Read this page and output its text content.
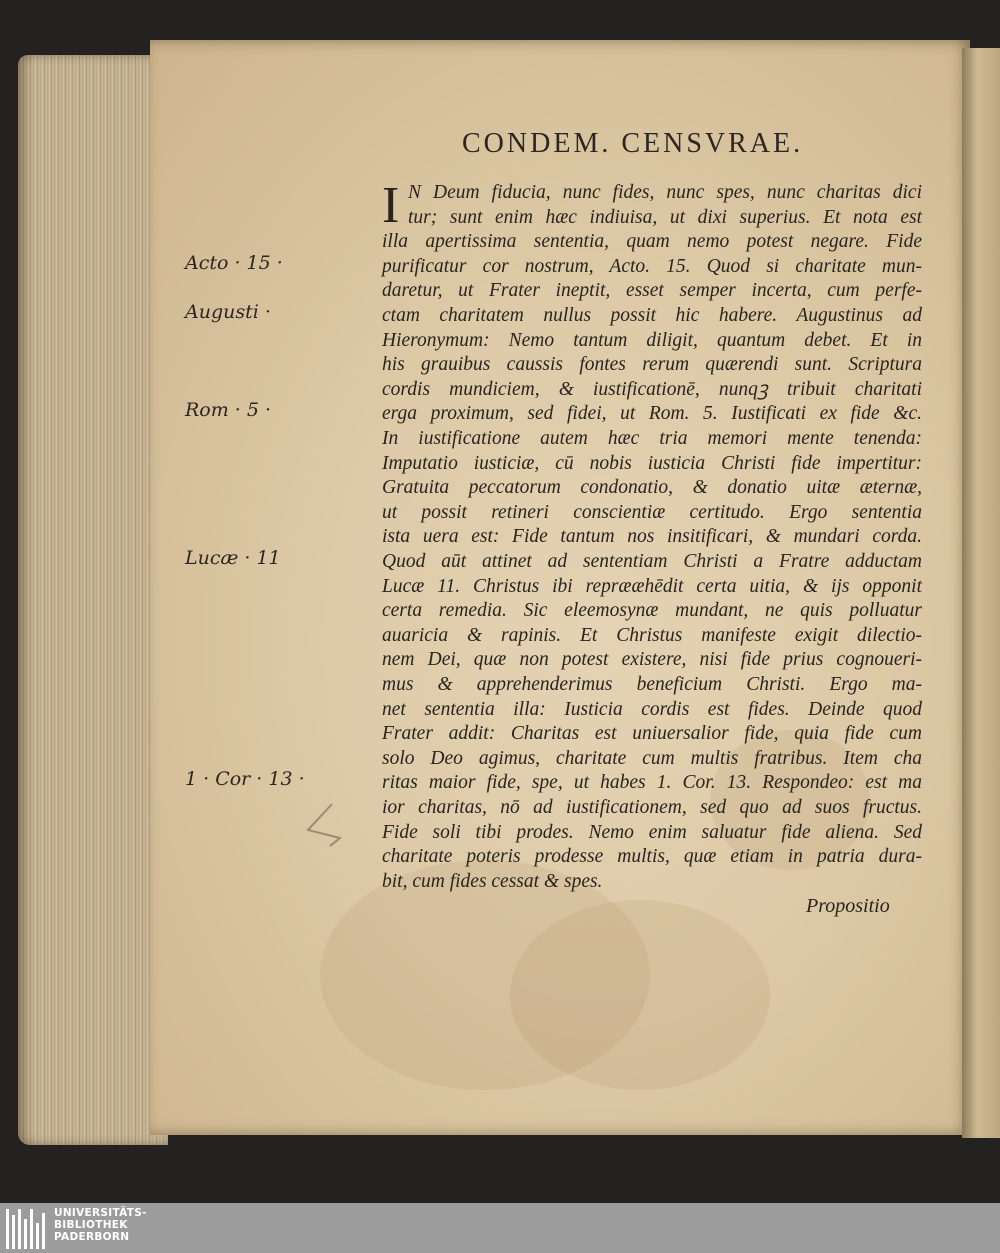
CONDEM. CENSVRAE.
I N Deum fiducia, nunc fides, nunc spes, nunc charitas dici
tur; sunt enim hæc indiuisa, ut dixi superius. Et nota est
illa apertissima sententia, quam nemo potest negare. Fide
purificatur cor nostrum, Acto. 15. Quod si charitate mun-
daretur, ut Frater ineptit, esset semper incerta, cum perfe-
ctam charitatem nullus possit hic habere. Augustinus ad
Hieronymum: Nemo tantum diligit, quantum debet. Et in
his grauibus caussis fontes rerum quærendi sunt. Scriptura
cordis mundiciem, & iustificationē, nunqꝫ tribuit charitati
erga proximum, sed fidei, ut Rom. 5. Iustificati ex fide &c.
In iustificatione autem hæc tria memori mente tenenda:
Imputatio iusticiæ, cū nobis iusticia Christi fide impertitur:
Gratuita peccatorum condonatio, & donatio uitæ æternæ,
ut possit retineri conscientiæ certitudo. Ergo sententia
ista uera est: Fide tantum nos insitificari, & mundari corda.
Quod aūt attinet ad sententiam Christi a Fratre adductam
Lucæ 11. Christus ibi reprææhēdit certa uitia, & ijs opponit
certa remedia. Sic eleemosynæ mundant, ne quis polluatur
auaricia & rapinis. Et Christus manifeste exigit dilectio-
nem Dei, quæ non potest existere, nisi fide prius cognoueri-
mus & apprehenderimus beneficium Christi. Ergo ma-
net sententia illa: Iusticia cordis est fides. Deinde quod
Frater addit: Charitas est uniuersalior fide, quia fide cum
solo Deo agimus, charitate cum multis fratribus. Item cha
ritas maior fide, spe, ut habes 1. Cor. 13. Respondeo: est ma
ior charitas, nō ad iustificationem, sed quo ad suos fructus.
Fide soli tibi prodes. Nemo enim saluatur fide aliena. Sed
charitate poteris prodesse multis, quæ etiam in patria dura-
bit, cum fides cessat & spes.
Acto · 15 ·
Augusti ·
Rom · 5 ·
Lucæ · 11
1 · Cor · 13 ·
Propositio
UNIVERSITÄTS-
BIBLIOTHEK
PADERBORN
